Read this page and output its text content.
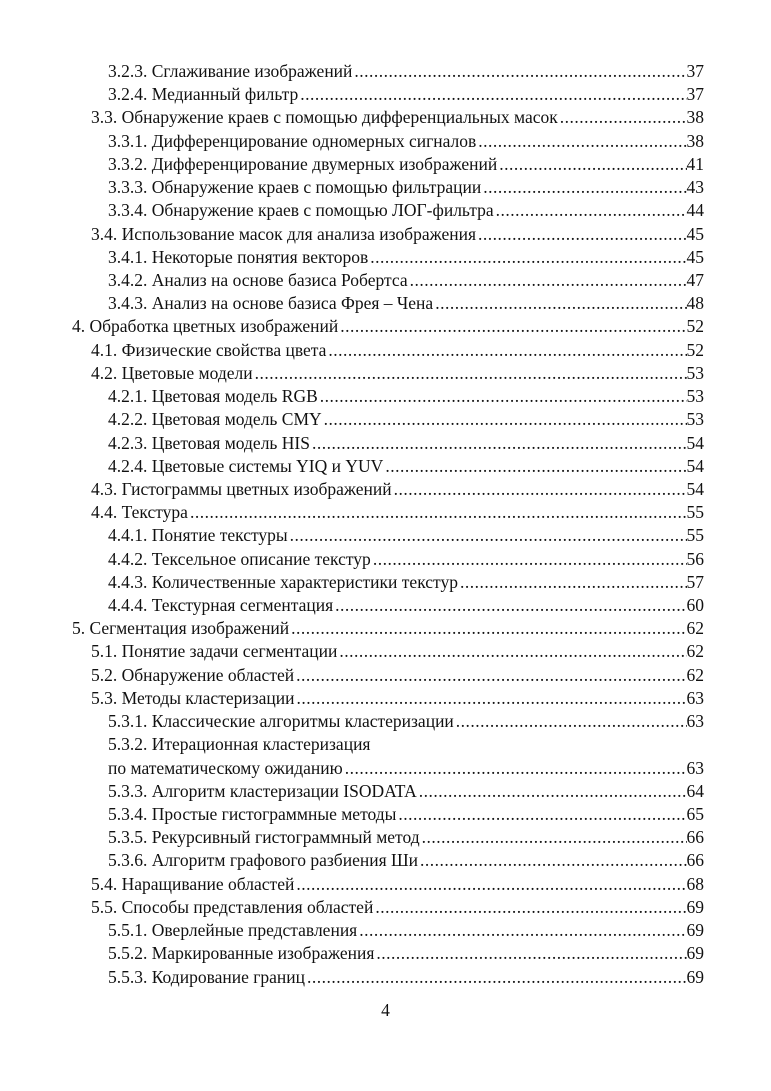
3.2.3. Сглаживание изображений .....	37
3.2.4. Медианный фильтр .....	37
3.3. Обнаружение краев с помощью дифференциальных масок .....	38
3.3.1. Дифференцирование одномерных сигналов .....	38
3.3.2. Дифференцирование двумерных изображений .....	41
3.3.3. Обнаружение краев с помощью фильтрации .....	43
3.3.4. Обнаружение краев с помощью ЛОГ-фильтра .....	44
3.4. Использование масок для анализа изображения .....	45
3.4.1. Некоторые понятия векторов .....	45
3.4.2. Анализ на основе базиса Робертса .....	47
3.4.3. Анализ на основе базиса Фрея – Чена .....	48
4. Обработка цветных изображений .....	52
4.1. Физические свойства цвета .....	52
4.2. Цветовые модели .....	53
4.2.1. Цветовая модель RGB .....	53
4.2.2. Цветовая модель CMY .....	53
4.2.3. Цветовая модель HIS .....	54
4.2.4. Цветовые системы YIQ и YUV .....	54
4.3. Гистограммы цветных изображений .....	54
4.4. Текстура .....	55
4.4.1. Понятие текстуры .....	55
4.4.2. Тексельное описание текстур .....	56
4.4.3. Количественные характеристики текстур .....	57
4.4.4. Текстурная сегментация .....	60
5. Сегментация изображений .....	62
5.1. Понятие задачи сегментации .....	62
5.2. Обнаружение областей .....	62
5.3. Методы кластеризации .....	63
5.3.1. Классические алгоритмы кластеризации .....	63
5.3.2. Итерационная кластеризация
по математическому ожиданию .....	63
5.3.3. Алгоритм кластеризации ISODATA .....	64
5.3.4. Простые гистограммные методы .....	65
5.3.5. Рекурсивный гистограммный метод .....	66
5.3.6. Алгоритм графового разбиения Ши .....	66
5.4. Наращивание областей .....	68
5.5. Способы представления областей .....	69
5.5.1. Оверлейные представления .....	69
5.5.2. Маркированные изображения .....	69
5.5.3. Кодирование границ .....	69
4
